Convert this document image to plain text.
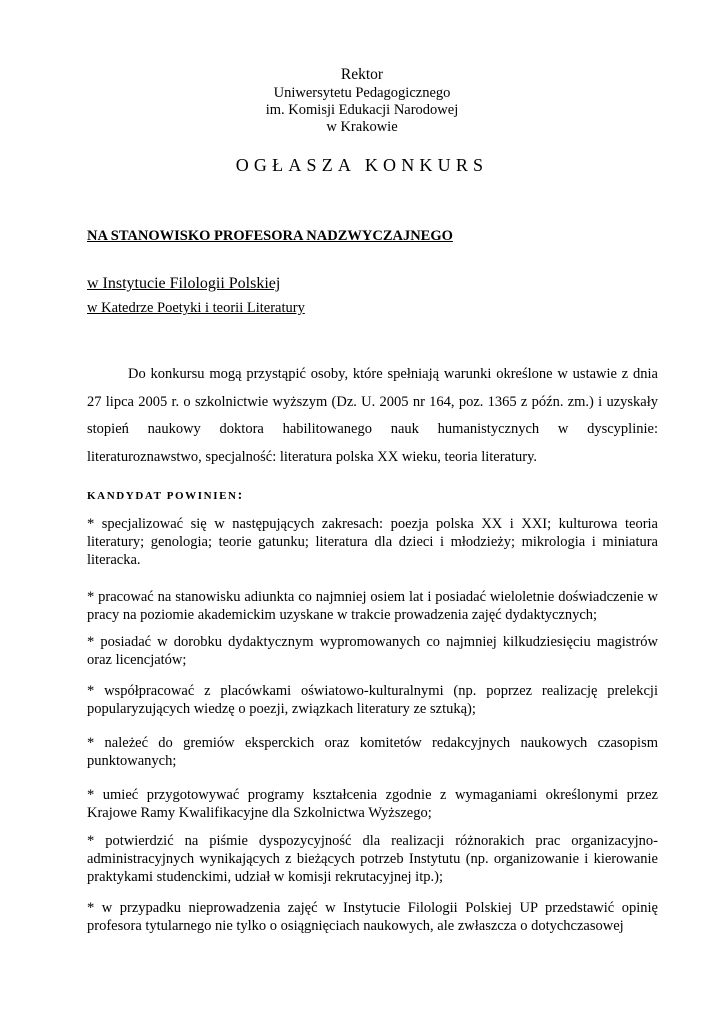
Rektor
Uniwersytetu Pedagogicznego
im. Komisji Edukacji Narodowej
w Krakowie
OGŁASZA KONKURS
NA STANOWISKO PROFESORA NADZWYCZAJNEGO
w Instytucie Filologii Polskiej
w Katedrze Poetyki i teorii Literatury

Do konkursu mogą przystąpić osoby, które spełniają warunki określone w ustawie z dnia 27 lipca 2005 r. o szkolnictwie wyższym (Dz. U. 2005 nr 164, poz. 1365 z późn. zm.) i uzyskały stopień naukowy doktora habilitowanego nauk humanistycznych w dyscyplinie: literaturoznawstwo, specjalność: literatura polska XX wieku, teoria literatury.

KANDYDAT POWINIEN:

* specjalizować się w następujących zakresach: poezja polska XX i XXI; kulturowa teoria literatury; genologia; teorie gatunku; literatura dla dzieci i młodzieży; mikrologia i miniatura literacka.

* pracować na stanowisku adiunkta co najmniej osiem lat i posiadać wieloletnie doświadczenie w pracy na poziomie akademickim uzyskane w trakcie prowadzenia zajęć dydaktycznych;

* posiadać w dorobku dydaktycznym wypromowanych co najmniej kilkudziesięciu magistrów oraz licencjatów;

* współpracować z placówkami oświatowo-kulturalnymi (np. poprzez realizację prelekcji popularyzujących wiedzę o poezji, związkach literatury ze sztuką);

* należeć do gremiów eksperckich oraz komitetów redakcyjnych naukowych czasopism punktowanych;

* umieć przygotowywać programy kształcenia zgodnie z wymaganiami określonymi przez Krajowe Ramy Kwalifikacyjne dla Szkolnictwa Wyższego;

* potwierdzić na piśmie dyspozycyjność dla realizacji różnorakich prac organizacyjno-administracyjnych wynikających z bieżących potrzeb Instytutu (np. organizowanie i kierowanie praktykami studenckimi, udział w komisji rekrutacyjnej itp.);

* w przypadku nieprowadzenia zajęć w Instytucie Filologii Polskiej UP przedstawić opinię profesora tytularnego nie tylko o osiągnięciach naukowych, ale zwłaszcza o dotychczasowej
